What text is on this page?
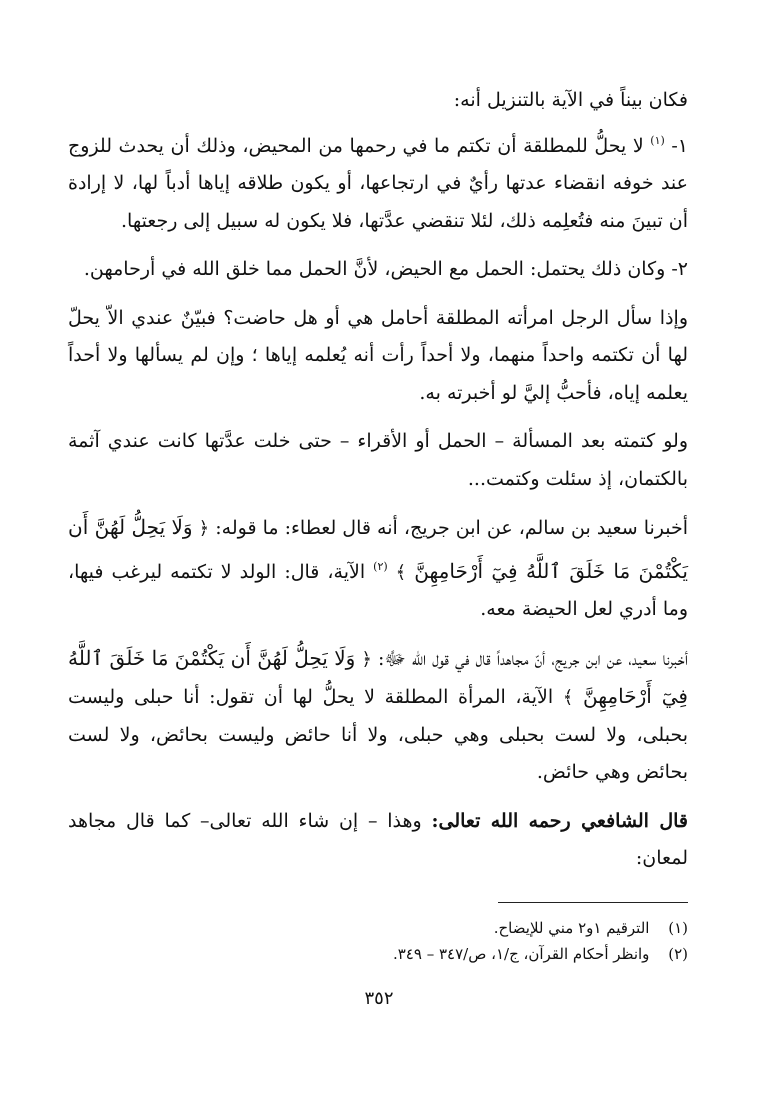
فكان بيناً في الآية بالتنزيل أنه:

١- $^{(١)}$ لا يحلُّ للمطلقة أن تكتم ما في رحمها من المحيض، وذلك أن يحدث للزوج عند خوفه انقضاء عدتها رأيٌ في ارتجاعها، أو يكون طلاقه إياها أدباً لها، لا إرادة أن تبينَ منه فتُعلِمه ذلك، لئلا تنقضي عدَّتها، فلا يكون له سبيل إلى رجعتها.

٢- وكان ذلك يحتمل: الحمل مع الحيض، لأنَّ الحمل مما خلق الله في أرحامهن.

وإذا سأل الرجل امرأته المطلقة أحامل هي أو هل حاضت؟ فبيّنٌ عندي الاّ يحلّ لها أن تكتمه واحداً منهما، ولا أحداً رأت أنه يُعلمه إياها ؛ وإن لم يسألها ولا أحداً يعلمه إياه، فأحبُّ إليَّ لو أخبرته به.

ولو كتمته بعد المسألة – الحمل أو الأقراء – حتى خلت عدَّتها كانت عندي آثمة بالكتمان، إذ سئلت وكتمت...

أخبرنا سعيد بن سالم، عن ابن جريج، أنه قال لعطاء: ما قوله: ﴿ وَلَا يَحِلُّ لَهُنَّ أَن يَكْتُمْنَ مَا خَلَقَ ٱللَّهُ فِيٓ أَرْحَامِهِنَّ ﴾ $^{(٢)}$ الآية، قال: الولد لا تكتمه ليرغب فيها، وما أدري لعل الحيضة معه.

أخبرنا سعيد، عن ابن جريج، أنّ مجاهداً قال في قول الله ﷻ: ﴿ وَلَا يَحِلُّ لَهُنَّ أَن يَكْتُمْنَ مَا خَلَقَ ٱللَّهُ فِيٓ أَرْحَامِهِنَّ ﴾ الآية، المرأة المطلقة لا يحلُّ لها أن تقول: أنا حبلى وليست بحبلى، ولا لست بحبلى وهي حبلى، ولا أنا حائض وليست بحائض، ولا لست بحائض وهي حائض.

قال الشافعي رحمه الله تعالى: وهذا – إن شاء الله تعالى– كما قال مجاهد لمعان:

(١) الترقيم ١و٢ مني للإيضاح.

(٢) وانظر أحكام القرآن، ج/١، ص/٣٤٧ – ٣٤٩.

٣٥٢
